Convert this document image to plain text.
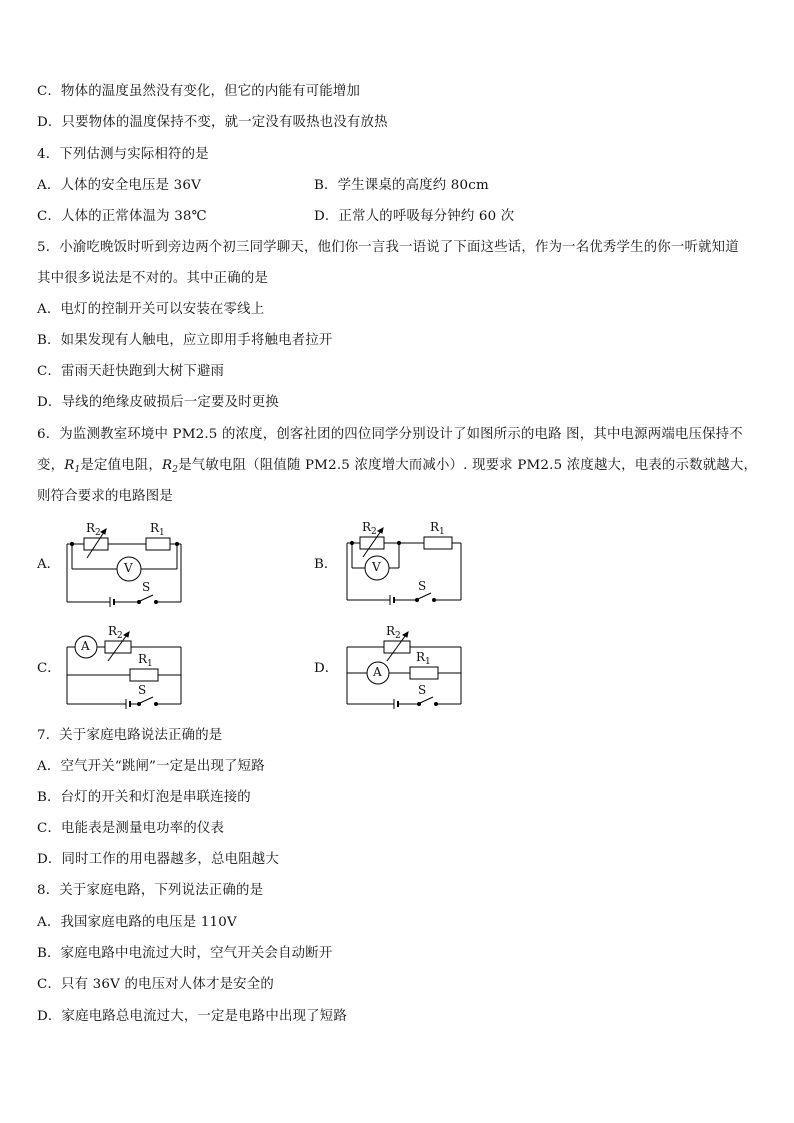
C．物体的温度虽然没有变化，但它的内能有可能增加
D．只要物体的温度保持不变，就一定没有吸热也没有放热
4．下列估测与实际相符的是
A．人体的安全电压是 36V	B．学生课桌的高度约 80cm
C．人体的正常体温为 38℃	D．正常人的呼吸每分钟约 60 次
5．小渝吃晚饭时听到旁边两个初三同学聊天，他们你一言我一语说了下面这些话，作为一名优秀学生的你一听就知道
其中很多说法是不对的。其中正确的是
A．电灯的控制开关可以安装在零线上
B．如果发现有人触电，应立即用手将触电者拉开
C．雷雨天赶快跑到大树下避雨
D．导线的绝缘皮破损后一定要及时更换
6．为监测教室环境中 PM2.5 的浓度，创客社团的四位同学分别设计了如图所示的电路 图，其中电源两端电压保持不
变，$R_1$是定值电阻，$R_2$是气敏电阻（阻值随 PM2.5 浓度增大而减小）. 现要求 PM2.5 浓度越大，电表的示数就越大，
则符合要求的电路图是
A．
$R_2$	$R_1$
V
S
B．
$R_2$	$R_1$
V
S
C．
A
$R_2$
$R_1$
S
D．
$R_2$
A
$R_1$
S
7．关于家庭电路说法正确的是
A．空气开关“跳闸”一定是出现了短路
B．台灯的开关和灯泡是串联连接的
C．电能表是测量电功率的仪表
D．同时工作的用电器越多，总电阻越大
8．关于家庭电路，下列说法正确的是
A．我国家庭电路的电压是 110V
B．家庭电路中电流过大时，空气开关会自动断开
C．只有 36V 的电压对人体才是安全的
D．家庭电路总电流过大，一定是电路中出现了短路
